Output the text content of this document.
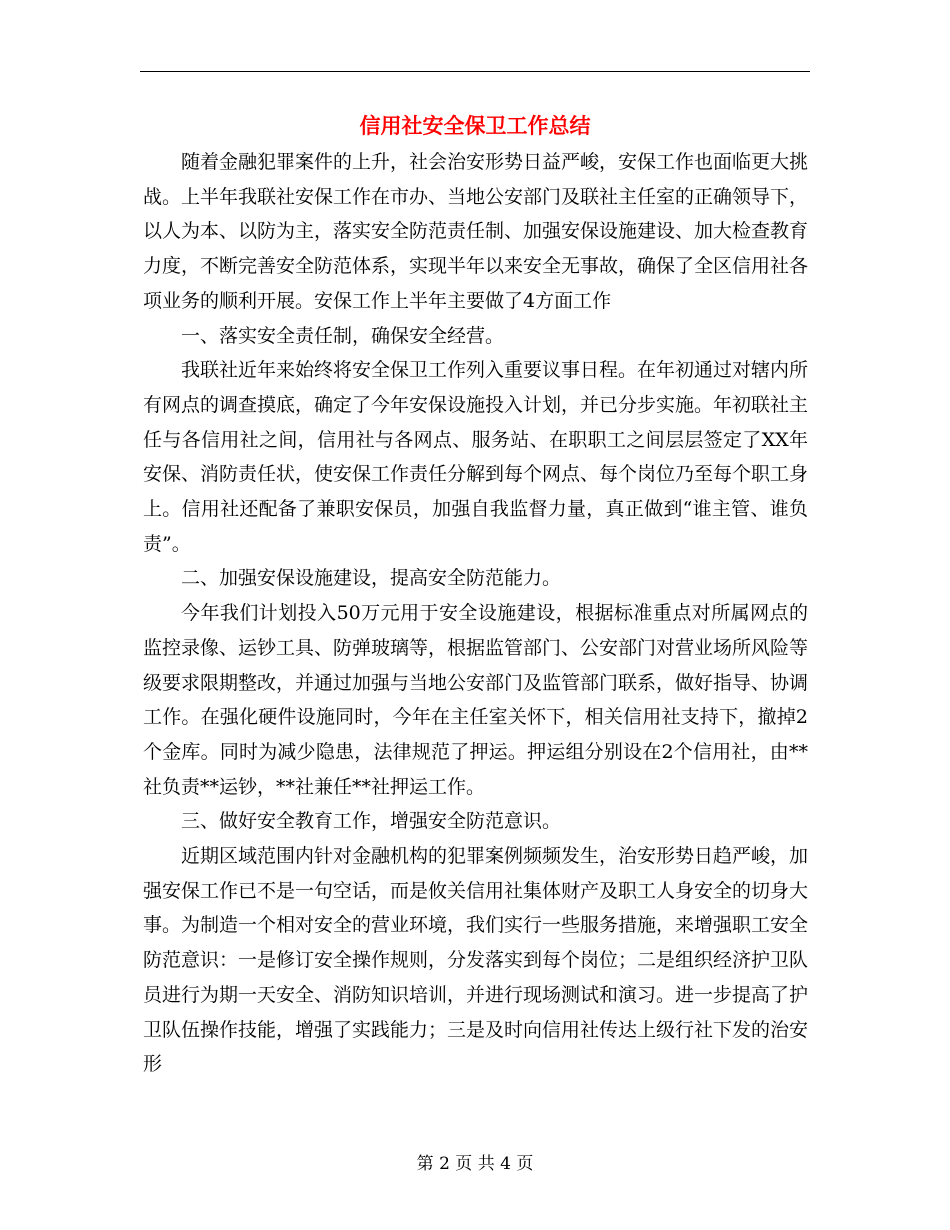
信用社安全保卫工作总结

随着金融犯罪案件的上升，社会治安形势日益严峻，安保工作也面临更大挑战。上半年我联社安保工作在市办、当地公安部门及联社主任室的正确领导下，以人为本、以防为主，落实安全防范责任制、加强安保设施建设、加大检查教育力度，不断完善安全防范体系，实现半年以来安全无事故，确保了全区信用社各项业务的顺利开展。安保工作上半年主要做了4方面工作

一、落实安全责任制，确保安全经营。

我联社近年来始终将安全保卫工作列入重要议事日程。在年初通过对辖内所有网点的调查摸底，确定了今年安保设施投入计划，并已分步实施。年初联社主任与各信用社之间，信用社与各网点、服务站、在职职工之间层层签定了XX年安保、消防责任状，使安保工作责任分解到每个网点、每个岗位乃至每个职工身上。信用社还配备了兼职安保员，加强自我监督力量，真正做到“谁主管、谁负责”。

二、加强安保设施建设，提高安全防范能力。

今年我们计划投入50万元用于安全设施建设，根据标准重点对所属网点的监控录像、运钞工具、防弹玻璃等，根据监管部门、公安部门对营业场所风险等级要求限期整改，并通过加强与当地公安部门及监管部门联系，做好指导、协调工作。在强化硬件设施同时，今年在主任室关怀下，相关信用社支持下，撤掉2个金库。同时为减少隐患，法律规范了押运。押运组分别设在2个信用社，由**社负责**运钞，**社兼任**社押运工作。

三、做好安全教育工作，增强安全防范意识。

近期区域范围内针对金融机构的犯罪案例频频发生，治安形势日趋严峻，加强安保工作已不是一句空话，而是攸关信用社集体财产及职工人身安全的切身大事。为制造一个相对安全的营业环境，我们实行一些服务措施，来增强职工安全防范意识：一是修订安全操作规则，分发落实到每个岗位；二是组织经济护卫队员进行为期一天安全、消防知识培训，并进行现场测试和演习。进一步提高了护卫队伍操作技能，增强了实践能力；三是及时向信用社传达上级行社下发的治安形

第 2 页 共 4 页
